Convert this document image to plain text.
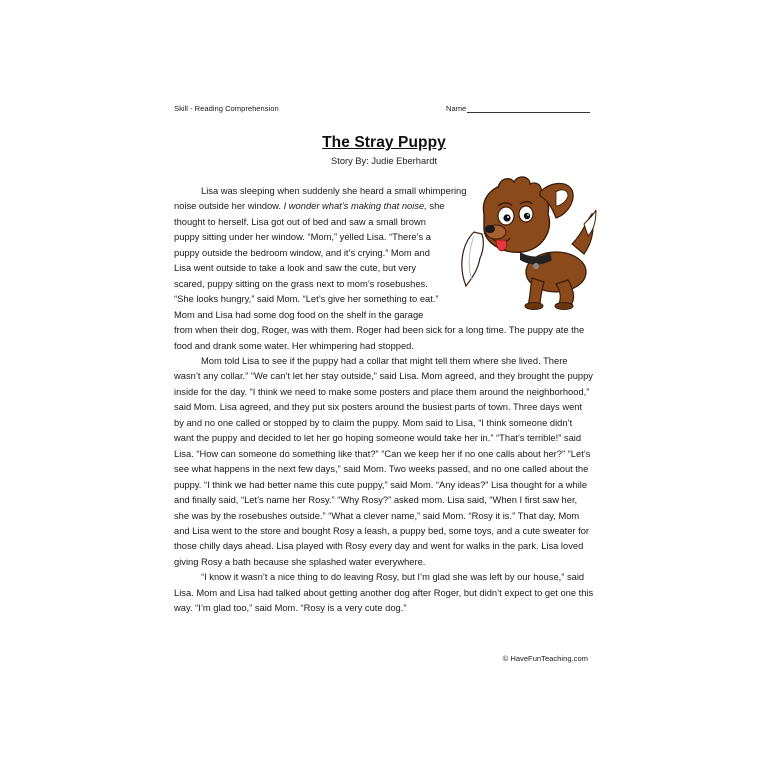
Skill - Reading Comprehension	Name
The Stray Puppy
Story By: Judie Eberhardt

Lisa was sleeping when suddenly she heard a small whimpering noise outside her window. I wonder what’s making that noise, she thought to herself. Lisa got out of bed and saw a small brown puppy sitting under her window. “Mom,” yelled Lisa. “There’s a puppy outside the bedroom window, and it’s crying.” Mom and Lisa went outside to take a look and saw the cute, but very scared, puppy sitting on the grass next to mom’s rosebushes. “She looks hungry,” said Mom. “Let’s give her something to eat.” Mom and Lisa had some dog food on the shelf in the garage from when their dog, Roger, was with them. Roger had been sick for a long time. The puppy ate the food and drank some water. Her whimpering had stopped.

Mom told Lisa to see if the puppy had a collar that might tell them where she lived. There wasn’t any collar.” “We can’t let her stay outside,” said Lisa. Mom agreed, and they brought the puppy inside for the day. “I think we need to make some posters and place them around the neighborhood,” said Mom. Lisa agreed, and they put six posters around the busiest parts of town. Three days went by and no one called or stopped by to claim the puppy. Mom said to Lisa, “I think someone didn’t want the puppy and decided to let her go hoping someone would take her in.” “That’s terrible!” said Lisa. “How can someone do something like that?” “Can we keep her if no one calls about her?” “Let’s see what happens in the next few days,” said Mom. Two weeks passed, and no one called about the puppy. “I think we had better name this cute puppy,” said Mom. “Any ideas?” Lisa thought for a while and finally said, “Let’s name her Rosy.” “Why Rosy?” asked mom. Lisa said, “When I first saw her, she was by the rosebushes outside.” “What a clever name,” said Mom. “Rosy it is.” That day, Mom and Lisa went to the store and bought Rosy a leash, a puppy bed, some toys, and a cute sweater for those chilly days ahead. Lisa played with Rosy every day and went for walks in the park. Lisa loved giving Rosy a bath because she splashed water everywhere.

“I know it wasn’t a nice thing to do leaving Rosy, but I’m glad she was left by our house,” said Lisa. Mom and Lisa had talked about getting another dog after Roger, but didn’t expect to get one this way. “I’m glad too,” said Mom. “Rosy is a very cute dog.”

© HaveFunTeaching.com
